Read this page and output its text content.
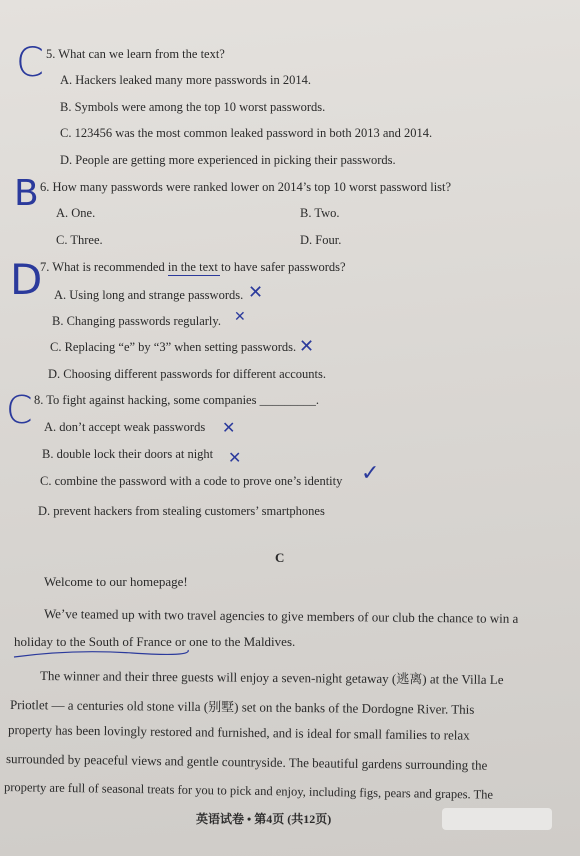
C 5. What can we learn from the text?
A. Hackers leaked many more passwords in 2014.
B. Symbols were among the top 10 worst passwords.
C. 123456 was the most common leaked password in both 2013 and 2014.
D. People are getting more experienced in picking their passwords.
B 6. How many passwords were ranked lower on 2014’s top 10 worst password list?
A. One.	B. Two.
C. Three.	D. Four.
D
7. What is recommended in the text to have safer passwords?
A. Using long and strange passwords. ✕
B. Changing passwords regularly. ✕
C. Replacing “e” by “3” when setting passwords. ✕
D. Choosing different passwords for different accounts.
C 8. To fight against hacking, some companies _________.
A. don’t accept weak passwords ✕
B. double lock their doors at night ✕
C. combine the password with a code to prove one’s identity ✓
D. prevent hackers from stealing customers’ smartphones
C
Welcome to our homepage!
We’ve teamed up with two travel agencies to give members of our club the chance to win a
holiday to the South of France or one to the Maldives.
The winner and their three guests will enjoy a seven-night getaway (逃离) at the Villa Le
Priotlet — a centuries old stone villa (别墅) set on the banks of the Dordogne River. This
property has been lovingly restored and furnished, and is ideal for small families to relax
surrounded by peaceful views and gentle countryside. The beautiful gardens surrounding the
property are full of seasonal treats for you to pick and enjoy, including figs, pears and grapes. The
英语试卷 • 第4页 (共12页)
